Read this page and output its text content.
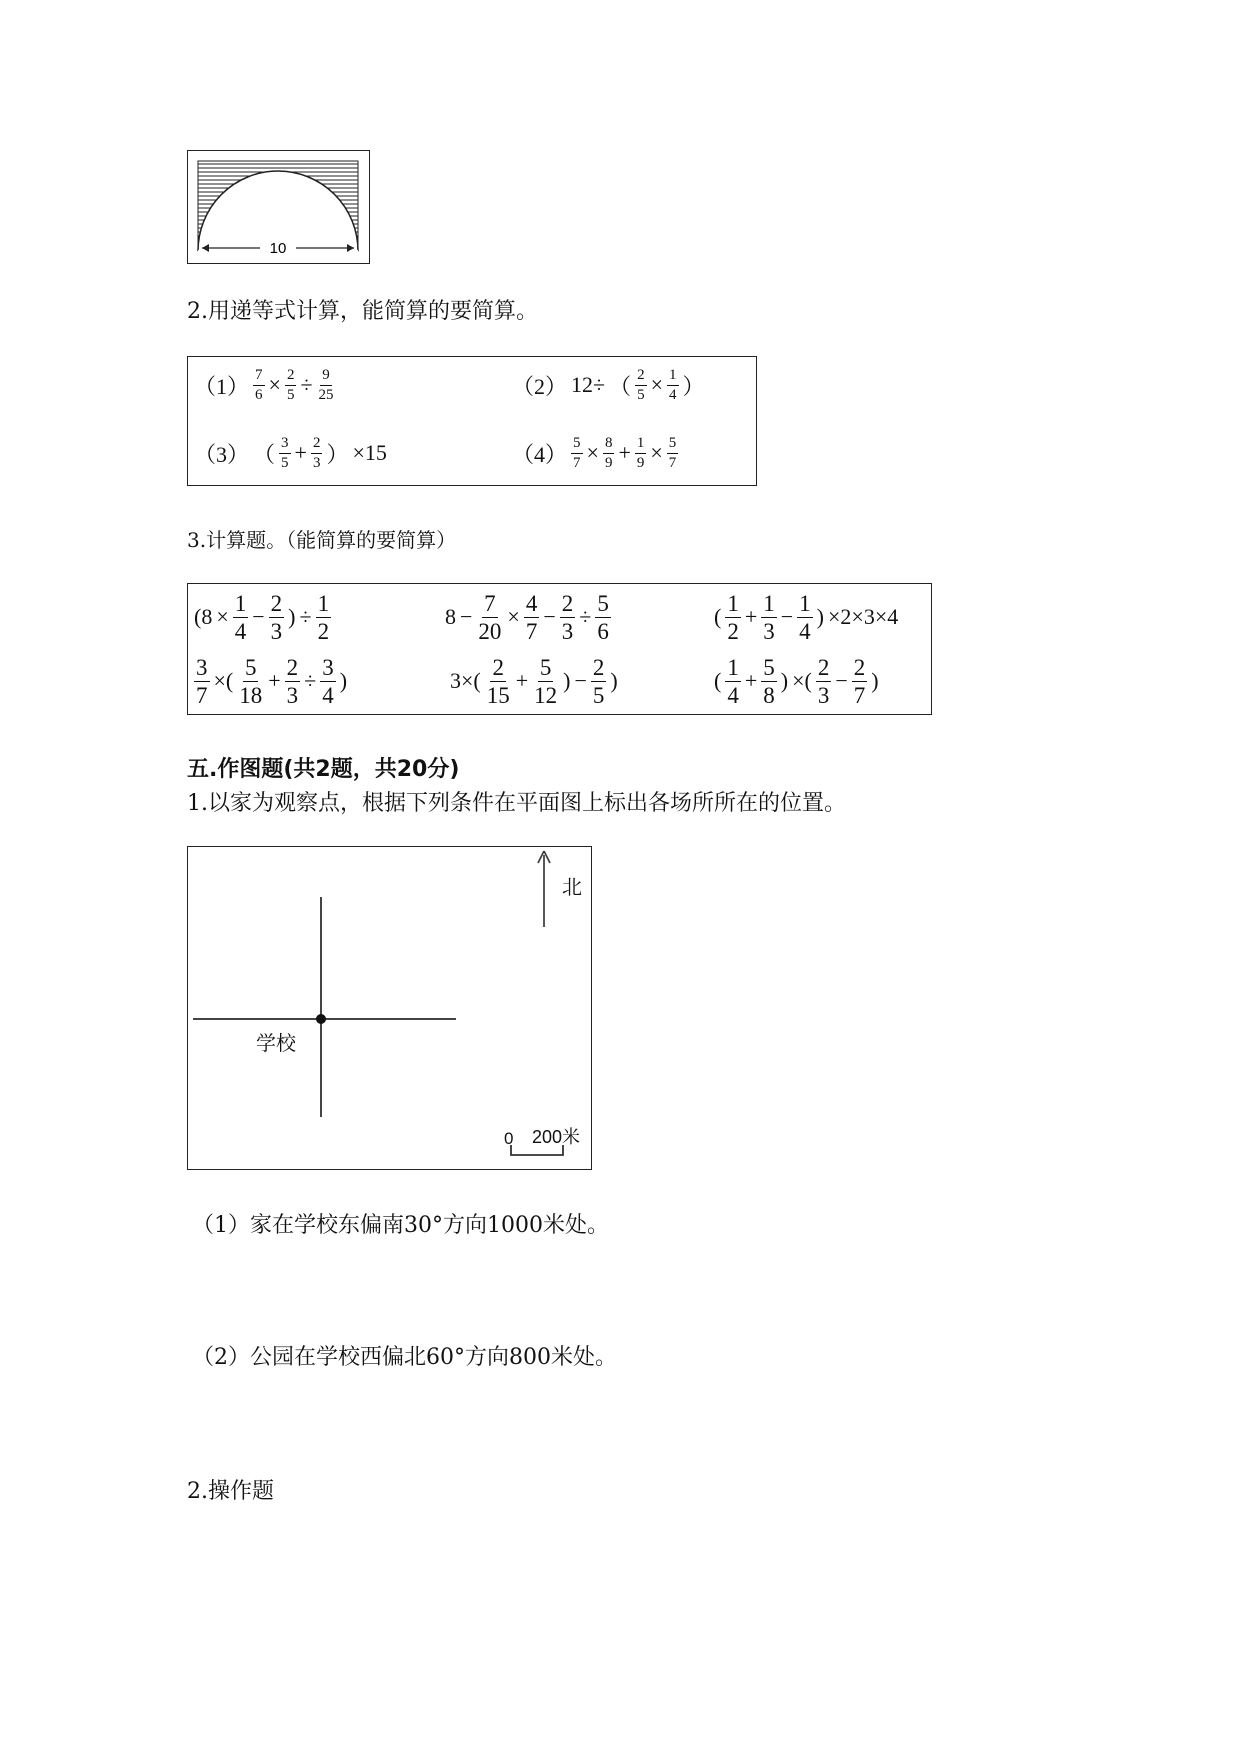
10
2.用递等式计算，能简算的要简算。
$(1) \frac{7}{6} \times \frac{2}{5} \div \frac{9}{25}$	（2） 12÷ （ $\frac{2}{5} \times \frac{1}{4}$ ）
（3） （ $\frac{3}{5} + \frac{2}{3}$ ） ×15	$(4) \frac{5}{7} \times \frac{8}{9} + \frac{1}{9} \times \frac{5}{7}$
3.计算题。（能简算的要简算）
($8 \times \frac{1}{4} - \frac{2}{3}$ ) ÷ $\frac{1}{2}$	$8 - \frac{7}{20} \times \frac{4}{7} - \frac{2}{3} \div \frac{5}{6}$	( $\frac{1}{2} + \frac{1}{3} - \frac{1}{4}$ ) ×2×3×4
$\frac{3}{7}$ ×( $\frac{5}{18} + \frac{2}{3} \div \frac{3}{4}$ )	$3\times( \frac{2}{15} + \frac{5}{12}$ ) − $\frac{2}{5}$ )	( $\frac{1}{4} + \frac{5}{8}$ ) ×( $\frac{2}{3} - \frac{2}{7}$ )
五.作图题(共2题，共20分)
1.以家为观察点，根据下列条件在平面图上标出各场所所在的位置。
北
学校
0 200米
（1）家在学校东偏南30°方向1000米处。
（2）公园在学校西偏北60°方向800米处。
2.操作题
